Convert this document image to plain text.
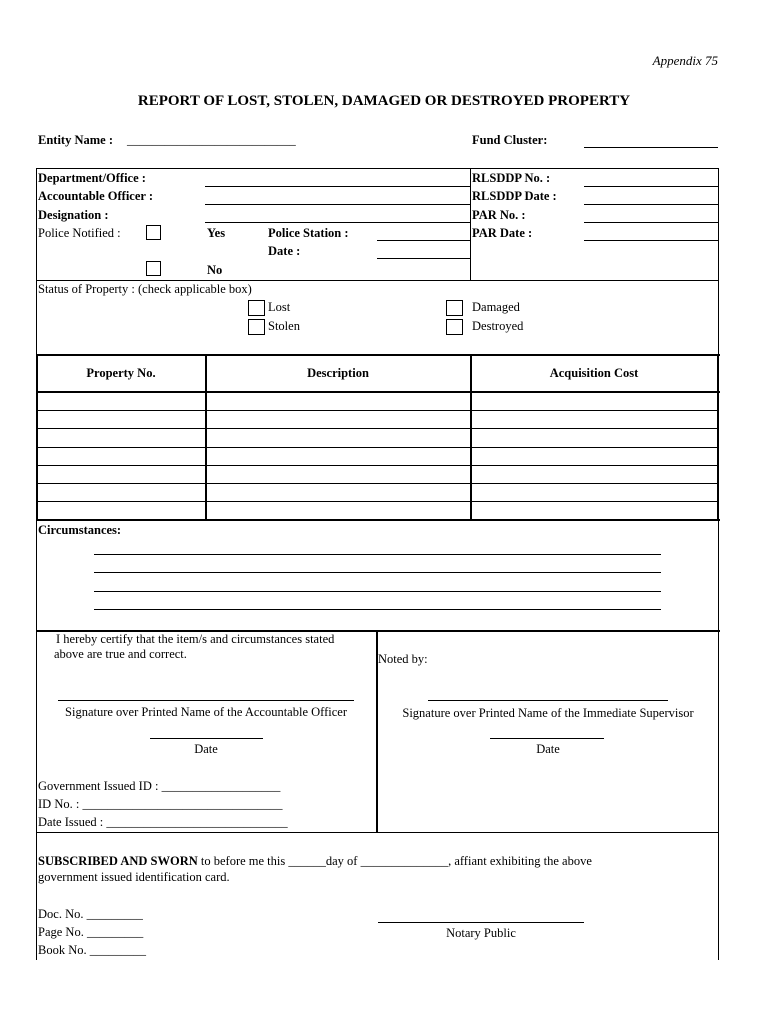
Appendix 75
REPORT OF LOST, STOLEN, DAMAGED OR DESTROYED PROPERTY
Entity Name : ___________________________	Fund Cluster:
Department/Office :
Accountable Officer :
Designation :
Police Notified :	Yes	Police Station :
Date :
No
RLSDDP No. :
RLSDDP Date :
PAR No. :
PAR Date :
Status of Property : (check applicable box)
Lost
Stolen
Damaged
Destroyed
Property No.	Description	Acquisition Cost
Circumstances:
I hereby certify that the item/s and circumstances stated
above are true and correct.
Signature over Printed Name of the Accountable Officer
Date
Government Issued ID : ___________________
ID No. : ________________________________
Date Issued : _____________________________
Noted by:
Signature over Printed Name of the Immediate Supervisor
Date
SUBSCRIBED AND SWORN to before me this ______day of ______________, affiant exhibiting the above
government issued identification card.
Doc. No. _________
Page No. _________
Book No. _________
Notary Public
